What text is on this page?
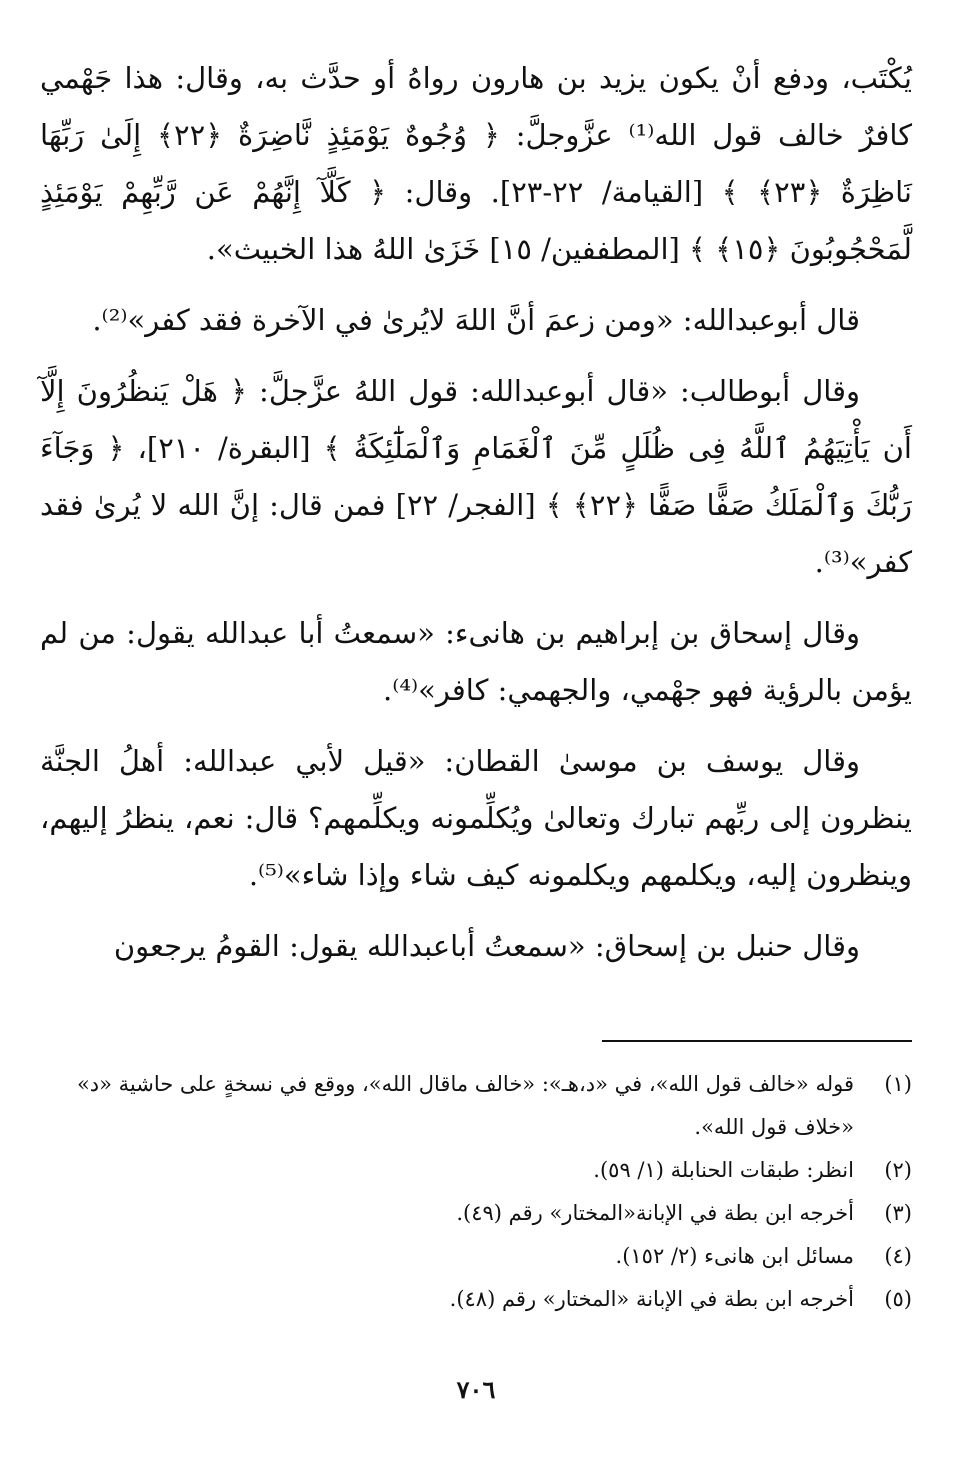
يُكْتَب، ودفع أنْ يكون يزيد بن هارون رواهُ أو حدَّث به، وقال: هذا جَهْمي كافرٌ خالف قول الله⁽¹⁾ عزَّوجلَّ: ﴿ وُجُوهٌ يَوْمَئِذٍ نَّاضِرَةٌ ﴿٢٢﴾ إِلَىٰ رَبِّهَا نَاظِرَةٌ ﴿٢٣﴾ ﴾ [القيامة/ ٢٢-٢٣]. وقال: ﴿ كَلَّآ إِنَّهُمْ عَن رَّبِّهِمْ يَوْمَئِذٍ لَّمَحْجُوبُونَ ﴿١٥﴾ ﴾ [المطففين/ ١٥] خَزَىٰ اللهُ هذا الخبيث».

قال أبوعبدالله: «ومن زعمَ أنَّ اللهَ لايُرىٰ في الآخرة فقد كفر»⁽²⁾.

وقال أبوطالب: «قال أبوعبدالله: قول اللهُ عزَّجلَّ: ﴿ هَلْ يَنظُرُونَ إِلَّآ أَن يَأْتِيَهُمُ ٱللَّهُ فِى ظُلَلٍ مِّنَ ٱلْغَمَامِ وَٱلْمَلَٰٓئِكَةُ ﴾ [البقرة/ ٢١٠]، ﴿ وَجَآءَ رَبُّكَ وَٱلْمَلَكُ صَفًّا صَفًّا ﴿٢٢﴾ ﴾ [الفجر/ ٢٢] فمن قال: إنَّ الله لا يُرىٰ فقد كفر»⁽³⁾.

وقال إسحاق بن إبراهيم بن هانىء: «سمعتُ أبا عبدالله يقول: من لم يؤمن بالرؤية فهو جهْمي، والجهمي: كافر»⁽⁴⁾.

وقال يوسف بن موسىٰ القطان: «قيل لأبي عبدالله: أهلُ الجنَّة ينظرون إلى ربِّهم تبارك وتعالىٰ ويُكلِّمونه ويكلِّمهم؟ قال: نعم، ينظرُ إليهم، وينظرون إليه، ويكلمهم ويكلمونه كيف شاء وإذا شاء»⁽⁵⁾.

وقال حنبل بن إسحاق: «سمعتُ أباعبدالله يقول: القومُ يرجعون

(١)
قوله «خالف قول الله»، في «د،هـ»: «خالف ماقال الله»، ووقع في نسخةٍ على حاشية «د» «خلاف قول الله».
(٢)
انظر: طبقات الحنابلة (١/ ٥٩).
(٣)
أخرجه ابن بطة في الإبانة«المختار» رقم (٤٩).
(٤)
مسائل ابن هانىء (٢/ ١٥٢).
(٥)
أخرجه ابن بطة في الإبانة «المختار» رقم (٤٨).
٧٠٦
